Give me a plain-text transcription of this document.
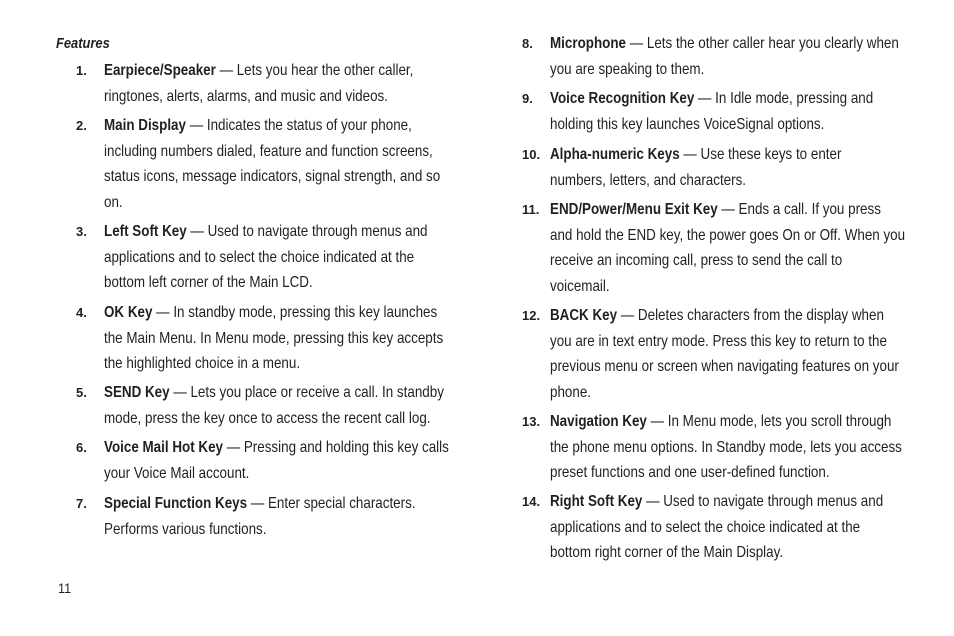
Features
1. Earpiece/Speaker — Lets you hear the other caller,
ringtones, alerts, alarms, and music and videos.
2. Main Display — Indicates the status of your phone,
including numbers dialed, feature and function screens,
status icons, message indicators, signal strength, and so
on.
3. Left Soft Key — Used to navigate through menus and
applications and to select the choice indicated at the
bottom left corner of the Main LCD.
4. OK Key — In standby mode, pressing this key launches
the Main Menu. In Menu mode, pressing this key accepts
the highlighted choice in a menu.
5. SEND Key — Lets you place or receive a call. In standby
mode, press the key once to access the recent call log.
6. Voice Mail Hot Key — Pressing and holding this key calls
your Voice Mail account.
7. Special Function Keys — Enter special characters.
Performs various functions.
8. Microphone — Lets the other caller hear you clearly when
you are speaking to them.
9. Voice Recognition Key — In Idle mode, pressing and
holding this key launches VoiceSignal options.
10. Alpha-numeric Keys — Use these keys to enter
numbers, letters, and characters.
11. END/Power/Menu Exit Key — Ends a call. If you press
and hold the END key, the power goes On or Off. When you
receive an incoming call, press to send the call to
voicemail.
12. BACK Key — Deletes characters from the display when
you are in text entry mode. Press this key to return to the
previous menu or screen when navigating features on your
phone.
13. Navigation Key — In Menu mode, lets you scroll through
the phone menu options. In Standby mode, lets you access
preset functions and one user-defined function.
14. Right Soft Key — Used to navigate through menus and
applications and to select the choice indicated at the
bottom right corner of the Main Display.
11
